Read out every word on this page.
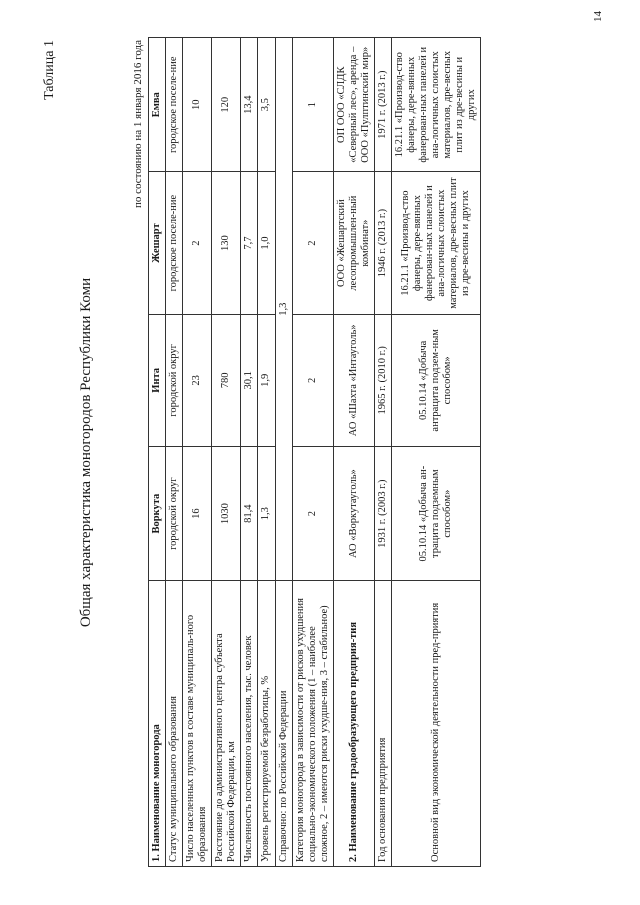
14
Таблица 1
Общая характеристика моногородов Республики Коми
по состоянию на 1 января 2016 года
1. Наименование моногорода	Воркута	Инта	Жешарт	Емва
Статус муниципального образования	городской округ	городской округ	городское поселе-ние	городское поселе-ние
Число населенных пунктов в составе муниципаль-ного образования	16	23	2	10
Расстояние до административного центра субъекта Российской Федерации, км	1030	780	130	120
Численность постоянного населения, тыс. человек	81,4	30,1	7,7	13,4
Уровень регистрируемой безработицы, %	1,3	1,9	1,0	3,5
Справочно: по Российской Федерации	1,3			
Категория моногорода в зависимости от рисков ухудшения социально-экономического положения (1 – наиболее сложное, 2 – имеются риски ухудше-ния, 3 – стабильное)	2	2	2	1
2. Наименование градообразующего предприя-тия	АО «Воркутауголь»	АО «Шахта «Интауголь»	ООО «Жешартский лесопромышлен-ный комбинат»	ОП ООО «СЛДК «Северный лес», аренда – ООО «Пулптинский мир»
Год основания предприятия	1931 г. (2003 г.)	1965 г. (2010 г.)	1946 г. (2013 г.)	1971 г. (2013 г.)
Основной вид экономической деятельности пред-приятия	05.10.14 «Добыча ан-трацита подземным способом»	05.10.14 «Добыча антрацита подзем-ным способом»	16.21.1 «Производ-ство фанеры, дере-вянных фанерован-ных панелей и ана-логичных слоистых материалов, дре-весных плит из дре-весины и других	16.21.1 «Производ-ство фанеры, дере-вянных фанерован-ных панелей и ана-логичных слоистых материалов, дре-весных плит из дре-весины и других
